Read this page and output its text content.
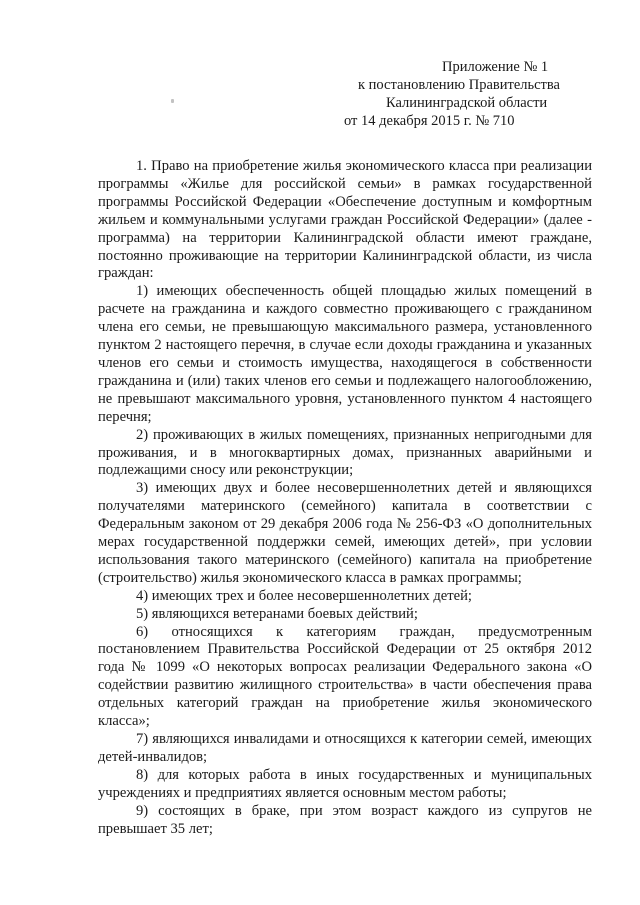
Приложение № 1
к постановлению Правительства
Калининградской области
от 14 декабря 2015 г. № 710

1. Право на приобретение жилья экономического класса при реализации программы «Жилье для российской семьи» в рамках государственной программы Российской Федерации «Обеспечение доступным и комфортным жильем и коммунальными услугами граждан Российской Федерации» (далее - программа) на территории Калининградской области имеют граждане, постоянно проживающие на территории Калининградской области, из числа граждан:

1) имеющих обеспеченность общей площадью жилых помещений в расчете на гражданина и каждого совместно проживающего с гражданином члена его семьи, не превышающую максимального размера, установленного пунктом 2 настоящего перечня, в случае если доходы гражданина и указанных членов его семьи и стоимость имущества, находящегося в собственности гражданина и (или) таких членов его семьи и подлежащего налогообложению, не превышают максимального уровня, установленного пунктом 4 настоящего перечня;

2) проживающих в жилых помещениях, признанных непригодными для проживания, и в многоквартирных домах, признанных аварийными и подлежащими сносу или реконструкции;

3) имеющих двух и более несовершеннолетних детей и являющихся получателями материнского (семейного) капитала в соответствии с Федеральным законом от 29 декабря 2006 года № 256-ФЗ «О дополнительных мерах государственной поддержки семей, имеющих детей», при условии использования такого материнского (семейного) капитала на приобретение (строительство) жилья экономического класса в рамках программы;

4) имеющих трех и более несовершеннолетних детей;

5) являющихся ветеранами боевых действий;

6) относящихся к категориям граждан, предусмотренным постановлением Правительства Российской Федерации от 25 октября 2012 года № 1099 «О некоторых вопросах реализации Федерального закона «О содействии развитию жилищного строительства» в части обеспечения права отдельных категорий граждан на приобретение жилья экономического класса»;

7) являющихся инвалидами и относящихся к категории семей, имеющих детей-инвалидов;

8) для которых работа в иных государственных и муниципальных учреждениях и предприятиях является основным местом работы;

9) состоящих в браке, при этом возраст каждого из супругов не превышает 35 лет;
